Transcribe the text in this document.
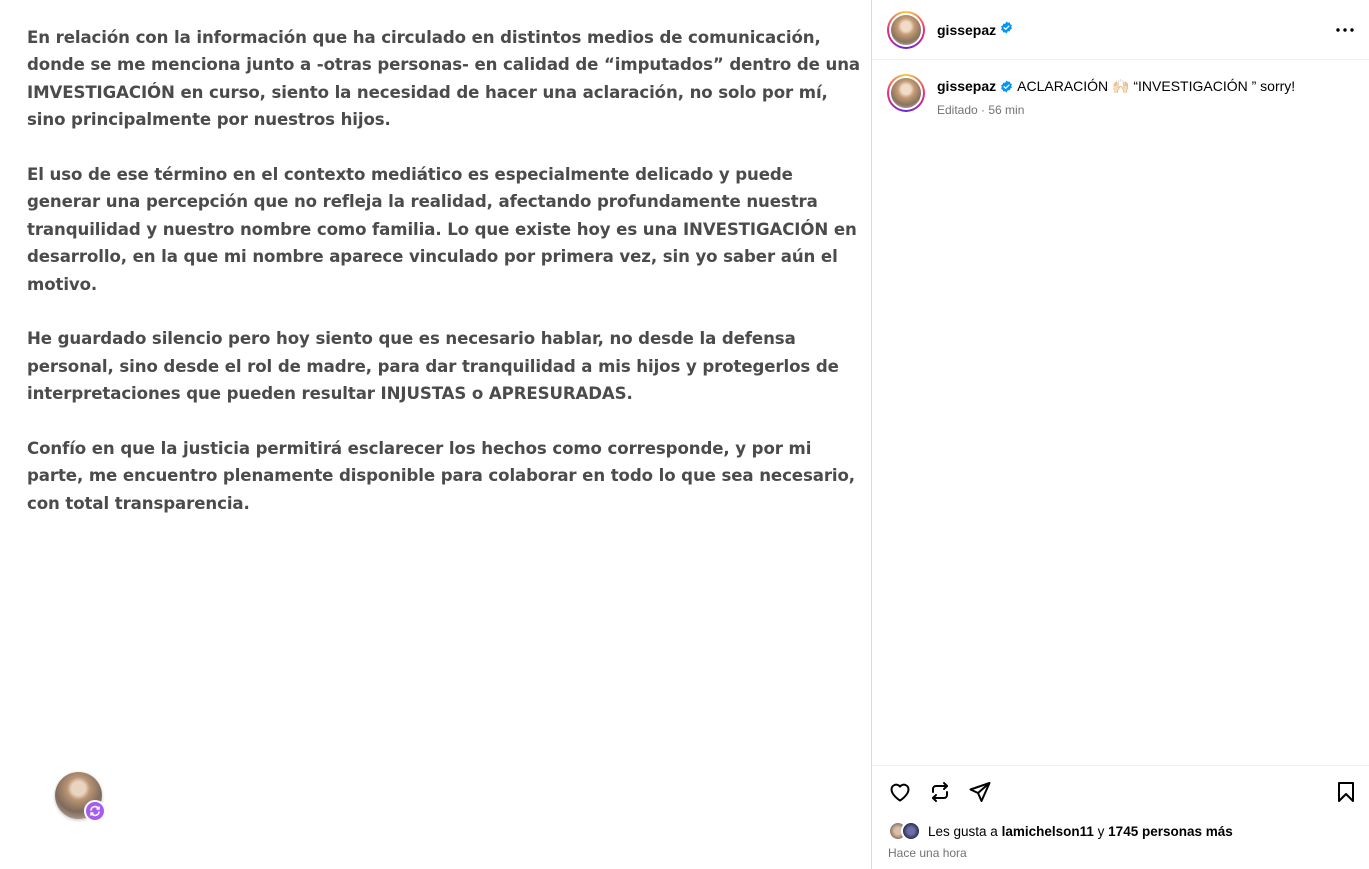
En relación con la información que ha circulado en distintos medios de comunicación, donde se me menciona junto a -otras personas- en calidad de “imputados” dentro de una IMVESTIGACIÓN en curso, siento la necesidad de hacer una aclaración, no solo por mí, sino principalmente por nuestros hijos.

El uso de ese término en el contexto mediático es especialmente delicado y puede generar una percepción que no refleja la realidad, afectando profundamente nuestra tranquilidad y nuestro nombre como familia. Lo que existe hoy es una INVESTIGACIÓN en desarrollo, en la que mi nombre aparece vinculado por primera vez, sin yo saber aún el motivo.

He guardado silencio pero hoy siento que es necesario hablar, no desde la defensa personal, sino desde el rol de madre, para dar tranquilidad a mis hijos y protegerlos de interpretaciones que pueden resultar INJUSTAS o APRESURADAS.

Confío en que la justicia permitirá esclarecer los hechos como corresponde, y por mi parte, me encuentro plenamente disponible para colaborar en todo lo que sea necesario, con total transparencia.

gissepaz
gissepaz ACLARACIÓN 🙌🏻 “INVESTIGACIÓN ” sorry!
Editado · 56 min
Les gusta a
lamichelson11
y
1745 personas más
Hace una hora
